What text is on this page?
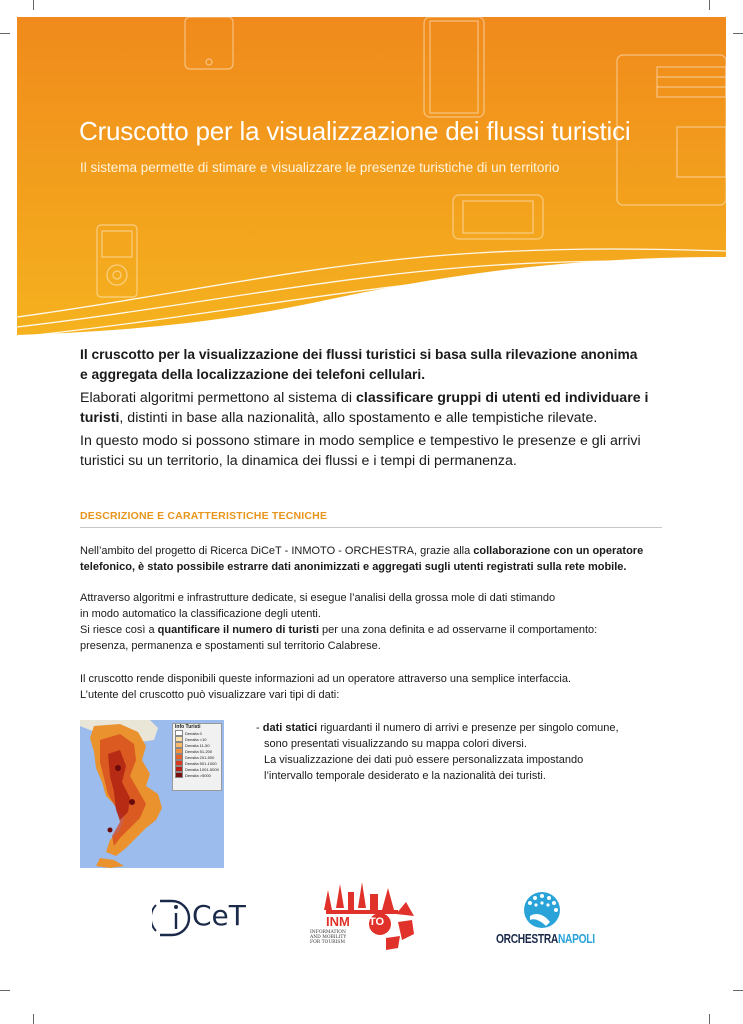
Cruscotto per la visualizzazione dei flussi turistici
Il sistema permette di stimare e visualizzare le presenze turistiche di un territorio

Il cruscotto per la visualizzazione dei flussi turistici si basa sulla rilevazione anonima
e aggregata della localizzazione dei telefoni cellulari.

Elaborati algoritmi permettono al sistema di classificare gruppi di utenti ed individuare i turisti, distinti in base alla nazionalità, allo spostamento e alle tempistiche rilevate.

In questo modo si possono stimare in modo semplice e tempestivo le presenze e gli arrivi turistici su un territorio, la dinamica dei flussi e i tempi di permanenza.

DESCRIZIONE E CARATTERISTICHE TECNICHE
Nell’ambito del progetto di Ricerca DiCeT - INMOTO - ORCHESTRA, grazie alla collaborazione con un operatore telefonico, è stato possibile estrarre dati anonimizzati e aggregati sugli utenti registrati sulla rete mobile.
Attraverso algoritmi e infrastrutture dedicate, si esegue l’analisi della grossa mole di dati stimando
in modo automatico la classificazione degli utenti.
Si riesce così a quantificare il numero di turisti per una zona definita e ad osservarne il comportamento:
presenza, permanenza e spostamenti sul territorio Calabrese.
Il cruscotto rende disponibili queste informazioni ad un operatore attraverso una semplice interfaccia.
L’utente del cruscotto può visualizzare vari tipi di dati:
Info Turisti
Densita 0
Densita <10
Densita 11-50
Densita 51-200
Densita 201-500
Densita 501-1000
Densita 1001-5000
Densita >5000
- dati statici riguardanti il numero di arrivi e presenze per singolo comune,
sono presentati visualizzando su mappa colori diversi.
La visualizzazione dei dati può essere personalizzata impostando
l’intervallo temporale desiderato e la nazionalità dei turisti.
CeT	INM TO
INFORMATION
AND MOBILITY
FOR TOURISM	ORCHESTRANAPOLI
